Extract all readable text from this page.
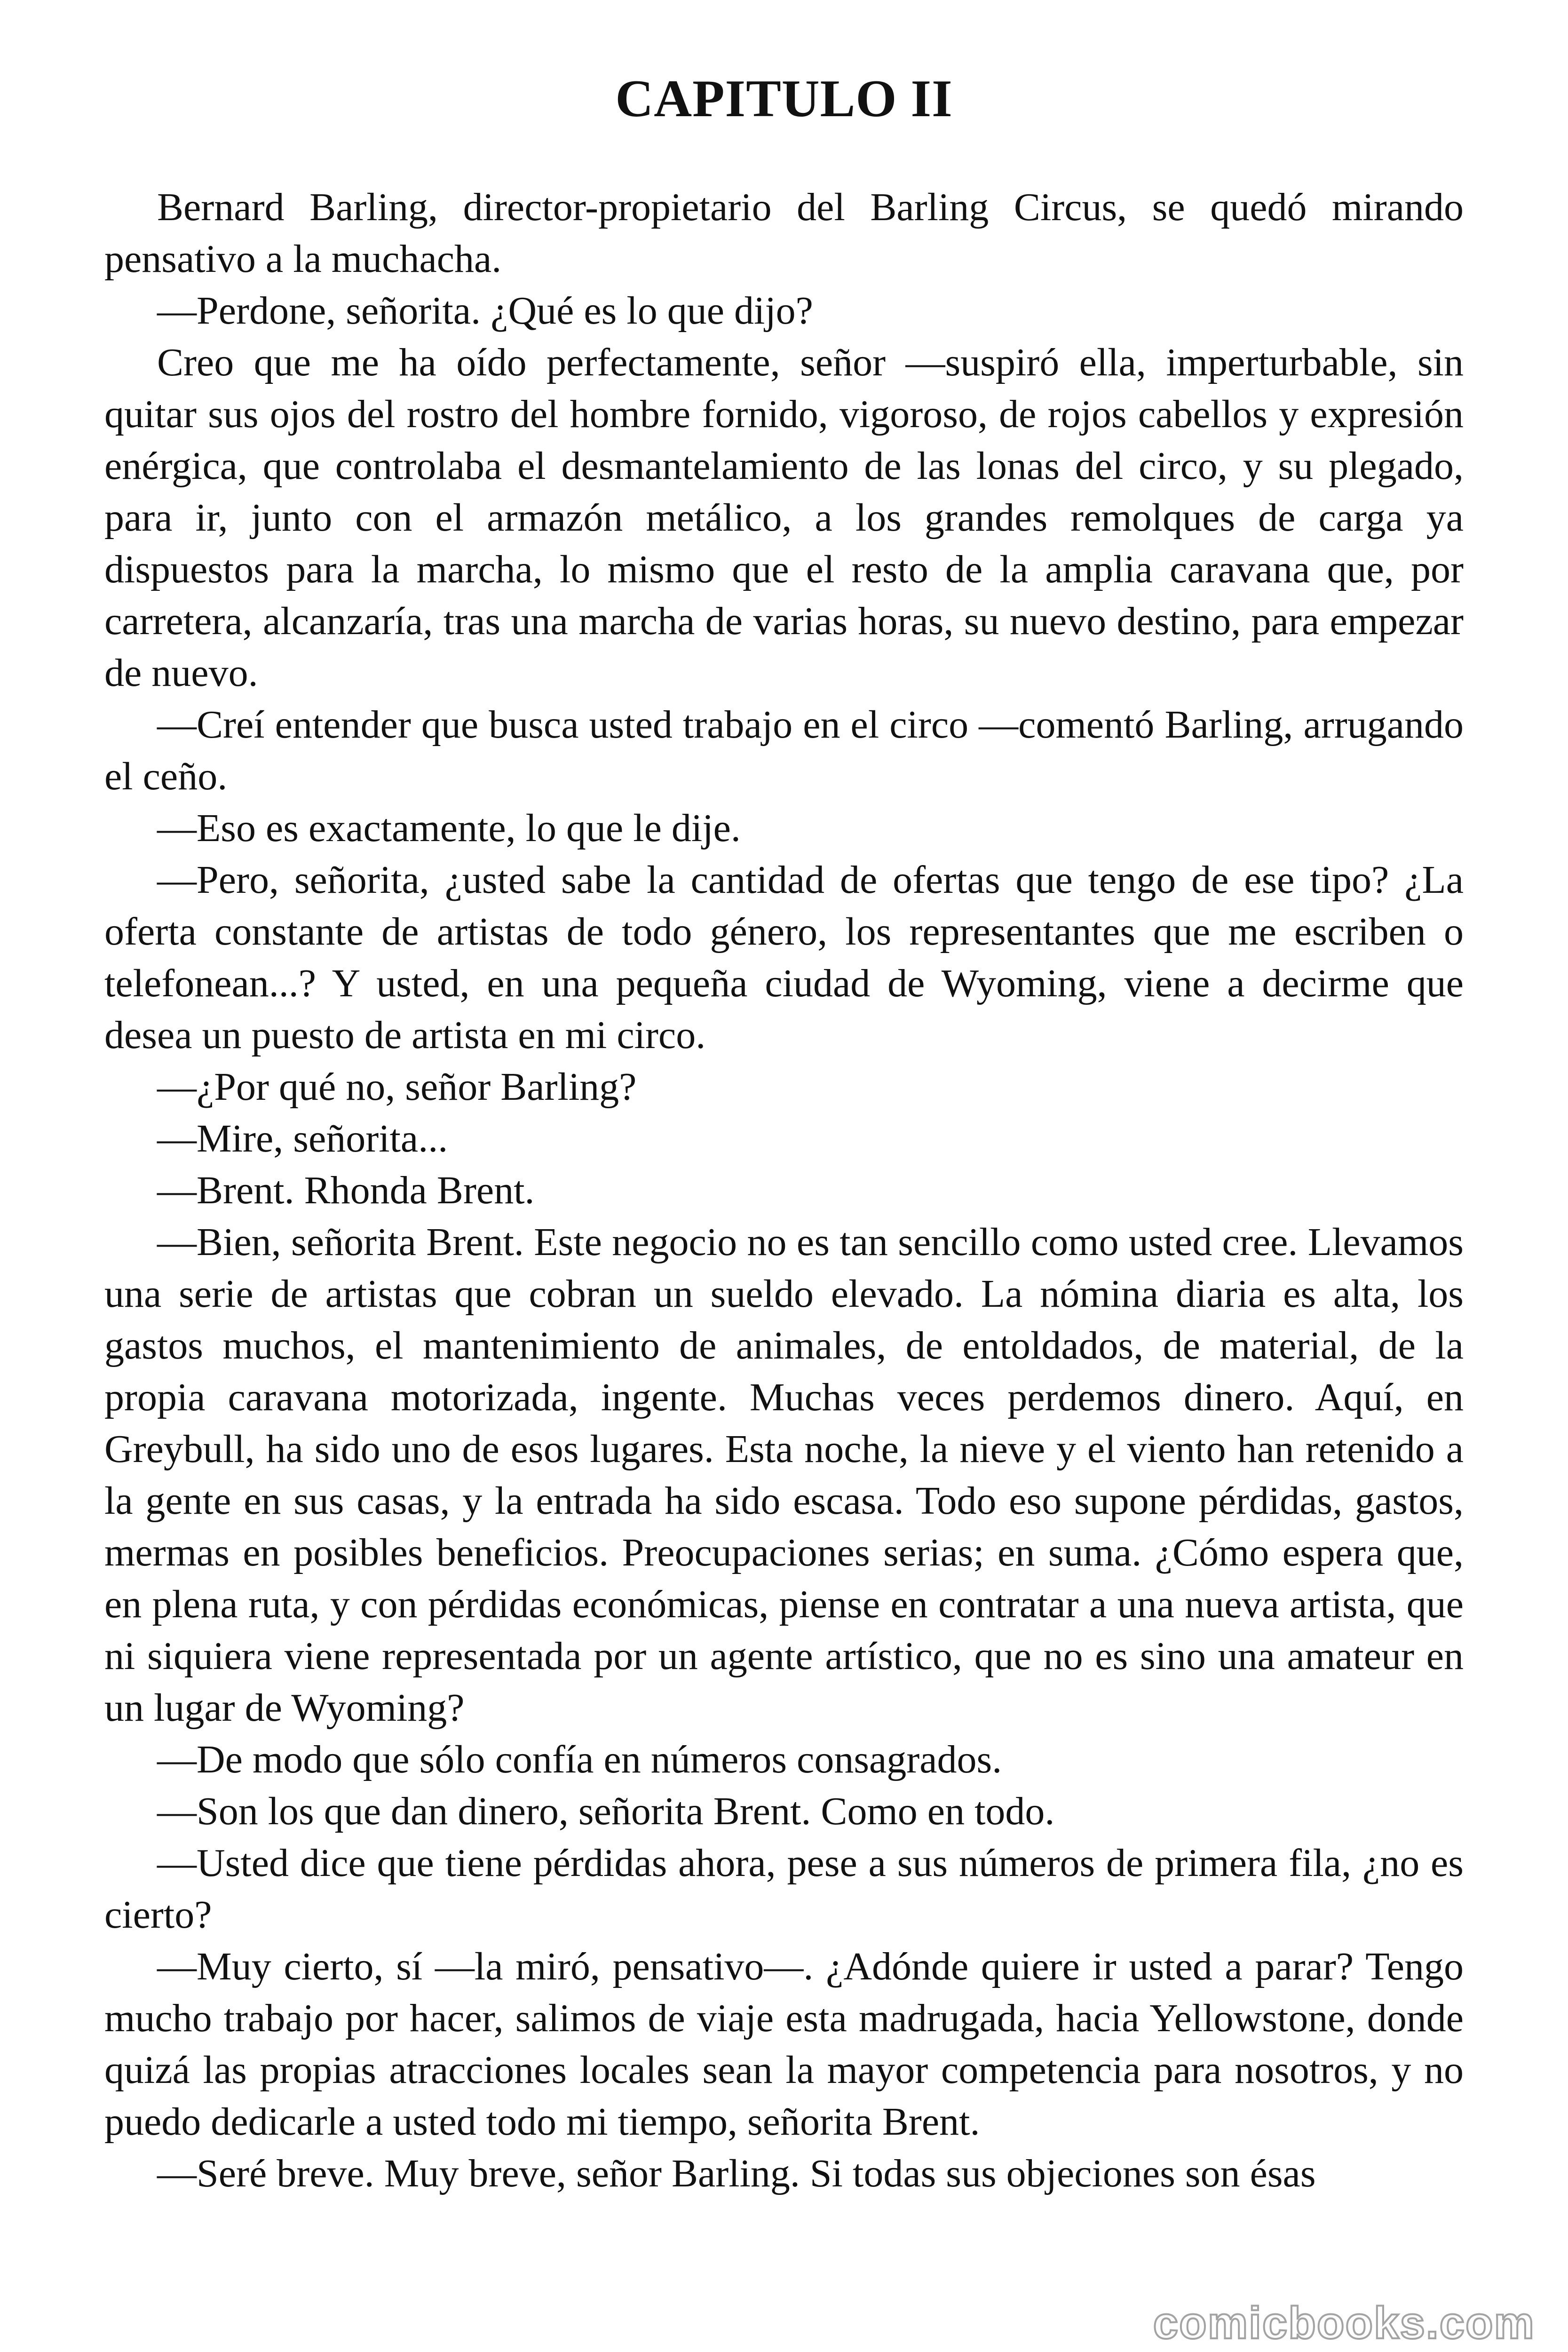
CAPITULO II

Bernard Barling, director-propietario del Barling Circus, se quedó mirando pensativo a la muchacha.

—Perdone, señorita. ¿Qué es lo que dijo?

Creo que me ha oído perfectamente, señor —suspiró ella, imperturbable, sin quitar sus ojos del rostro del hombre fornido, vigoroso, de rojos cabellos y expresión enérgica, que controlaba el desmantelamiento de las lonas del circo, y su plegado, para ir, junto con el armazón metálico, a los grandes remolques de carga ya dispuestos para la marcha, lo mismo que el resto de la amplia caravana que, por carretera, alcanzaría, tras una marcha de varias horas, su nuevo destino, para empezar de nuevo.

—Creí entender que busca usted trabajo en el circo —comentó Barling, arrugando el ceño.

—Eso es exactamente, lo que le dije.

—Pero, señorita, ¿usted sabe la cantidad de ofertas que tengo de ese tipo? ¿La oferta constante de artistas de todo género, los representantes que me escriben o telefonean...? Y usted, en una pequeña ciudad de Wyoming, viene a decirme que desea un puesto de artista en mi circo.

—¿Por qué no, señor Barling?

—Mire, señorita...

—Brent. Rhonda Brent.

—Bien, señorita Brent. Este negocio no es tan sencillo como usted cree. Llevamos una serie de artistas que cobran un sueldo elevado. La nómina diaria es alta, los gastos muchos, el mantenimiento de animales, de entoldados, de material, de la propia caravana motorizada, ingente. Muchas veces perdemos dinero. Aquí, en Greybull, ha sido uno de esos lugares. Esta noche, la nieve y el viento han retenido a la gente en sus casas, y la entrada ha sido escasa. Todo eso supone pérdidas, gastos, mermas en posibles beneficios. Preocupaciones serias; en suma. ¿Cómo espera que, en plena ruta, y con pérdidas económicas, piense en contratar a una nueva artista, que ni siquiera viene representada por un agente artístico, que no es sino una amateur en un lugar de Wyoming?

—De modo que sólo confía en números consagrados.

—Son los que dan dinero, señorita Brent. Como en todo.

—Usted dice que tiene pérdidas ahora, pese a sus números de primera fila, ¿no es cierto?

—Muy cierto, sí —la miró, pensativo—. ¿Adónde quiere ir usted a parar? Tengo mucho trabajo por hacer, salimos de viaje esta madrugada, hacia Yellowstone, donde quizá las propias atracciones locales sean la mayor competencia para nosotros, y no puedo dedicarle a usted todo mi tiempo, señorita Brent.

—Seré breve. Muy breve, señor Barling. Si todas sus objeciones son ésas

comicbooks.com
